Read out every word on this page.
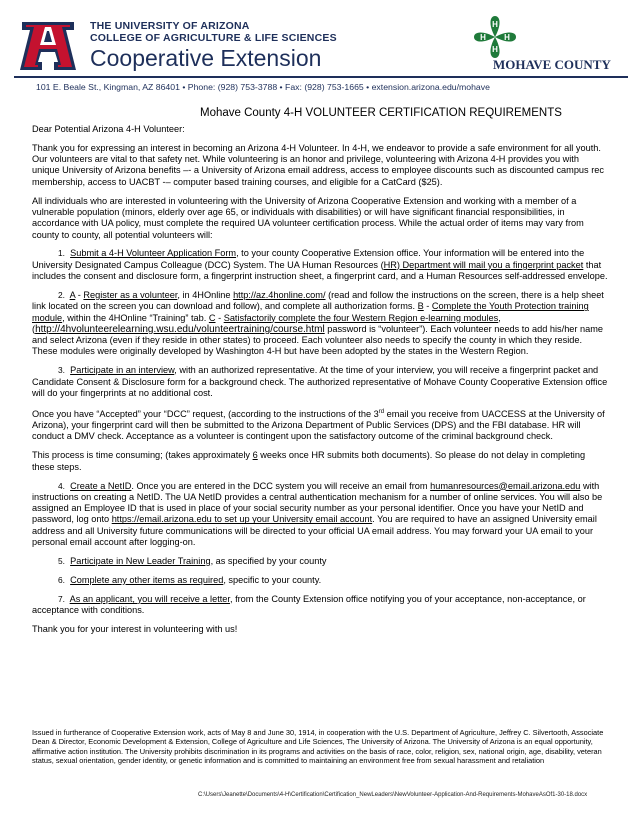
THE UNIVERSITY OF ARIZONA
COLLEGE OF AGRICULTURE & LIFE SCIENCES
Cooperative Extension
H
H
H
H
MOHAVE COUNTY
101 E. Beale St., Kingman, AZ 86401 • Phone: (928) 753-3788 • Fax: (928) 753-1665 • extension.arizona.edu/mohave
Mohave County 4-H VOLUNTEER CERTIFICATION REQUIREMENTS

Dear Potential Arizona 4-H Volunteer:

Thank you for expressing an interest in becoming an Arizona 4-H Volunteer. In 4-H, we endeavor to provide a safe environment for all youth. Our volunteers are vital to that safety net. While volunteering is an honor and privilege, volunteering with Arizona 4-H provides you with unique University of Arizona benefits –- a University of Arizona email address, access to employee discounts such as discounted campus rec membership, access to UACBT -– computer based training courses, and eligible for a CatCard ($25).

All individuals who are interested in volunteering with the University of Arizona Cooperative Extension and working with a member of a vulnerable population (minors, elderly over age 65, or individuals with disabilities) or will have significant financial responsibilities, in accordance with UA policy, must complete the required UA volunteer certification process. While the actual order of items may vary from county to county, all potential volunteers will:

1. Submit a 4-H Volunteer Application Form, to your county Cooperative Extension office. Your information will be entered into the University Designated Campus Colleague (DCC) System. The UA Human Resources (HR) Department will mail you a fingerprint packet that includes the consent and disclosure form, a fingerprint instruction sheet, a fingerprint card, and a Human Resources self-addressed envelope.
2. A - Register as a volunteer, in 4HOnline http://az.4honline.com/ (read and follow the instructions on the screen, there is a help sheet link located on the screen you can download and follow), and complete all authorization forms. B - Complete the Youth Protection training module, within the 4HOnline “Training” tab. C - Satisfactorily complete the four Western Region e-learning modules, (http://4hvolunteerelearning.wsu.edu/volunteertraining/course.html password is “volunteer”). Each volunteer needs to add his/her name and select Arizona (even if they reside in other states) to proceed. Each volunteer also needs to specify the county in which they reside. These modules were originally developed by Washington 4-H but have been adopted by the states in the Western Region.
3. Participate in an interview, with an authorized representative. At the time of your interview, you will receive a fingerprint packet and Candidate Consent & Disclosure form for a background check. The authorized representative of Mohave County Cooperative Extension office will do your fingerprints at no additional cost.

Once you have “Accepted” your “DCC” request, (according to the instructions of the 3rd email you receive from UACCESS at the University of Arizona), your fingerprint card will then be submitted to the Arizona Department of Public Services (DPS) and the FBI database. HR will conduct a DMV check. Acceptance as a volunteer is contingent upon the satisfactory outcome of the criminal background check.

This process is time consuming; (takes approximately 6 weeks once HR submits both documents). So please do not delay in completing these steps.

4. Create a NetID. Once you are entered in the DCC system you will receive an email from humanresources@email.arizona.edu with instructions on creating a NetID. The UA NetID provides a central authentication mechanism for a number of online services. You will also be assigned an Employee ID that is used in place of your social security number as your personal identifier. Once you have your NetID and password, log onto https://email.arizona.edu to set up your University email account. You are required to have an assigned University email address and all University future communications will be directed to your official UA email address. You may forward your UA email to your personal email account after logging-on.
5. Participate in New Leader Training, as specified by your county
6. Complete any other items as required, specific to your county.
7. As an applicant, you will receive a letter, from the County Extension office notifying you of your acceptance, non-acceptance, or acceptance with conditions.

Thank you for your interest in volunteering with us!

Issued in furtherance of Cooperative Extension work, acts of May 8 and June 30, 1914, in cooperation with the U.S. Department of Agriculture, Jeffrey C. Silvertooth, Associate Dean & Director, Economic Development & Extension, College of Agriculture and Life Sciences, The University of Arizona. The University of Arizona is an equal opportunity, affirmative action institution. The University prohibits discrimination in its programs and activities on the basis of race, color, religion, sex, national origin, age, disability, veteran status, sexual orientation, gender identity, or genetic information and is committed to maintaining an environment free from sexual harassment and retaliation
C:\Users\Jeanette\Documents\4-H\Certification\Certification_NewLeaders\NewVolunteer-Application-And-Requirements-MohaveAsOf1-30-18.docx
